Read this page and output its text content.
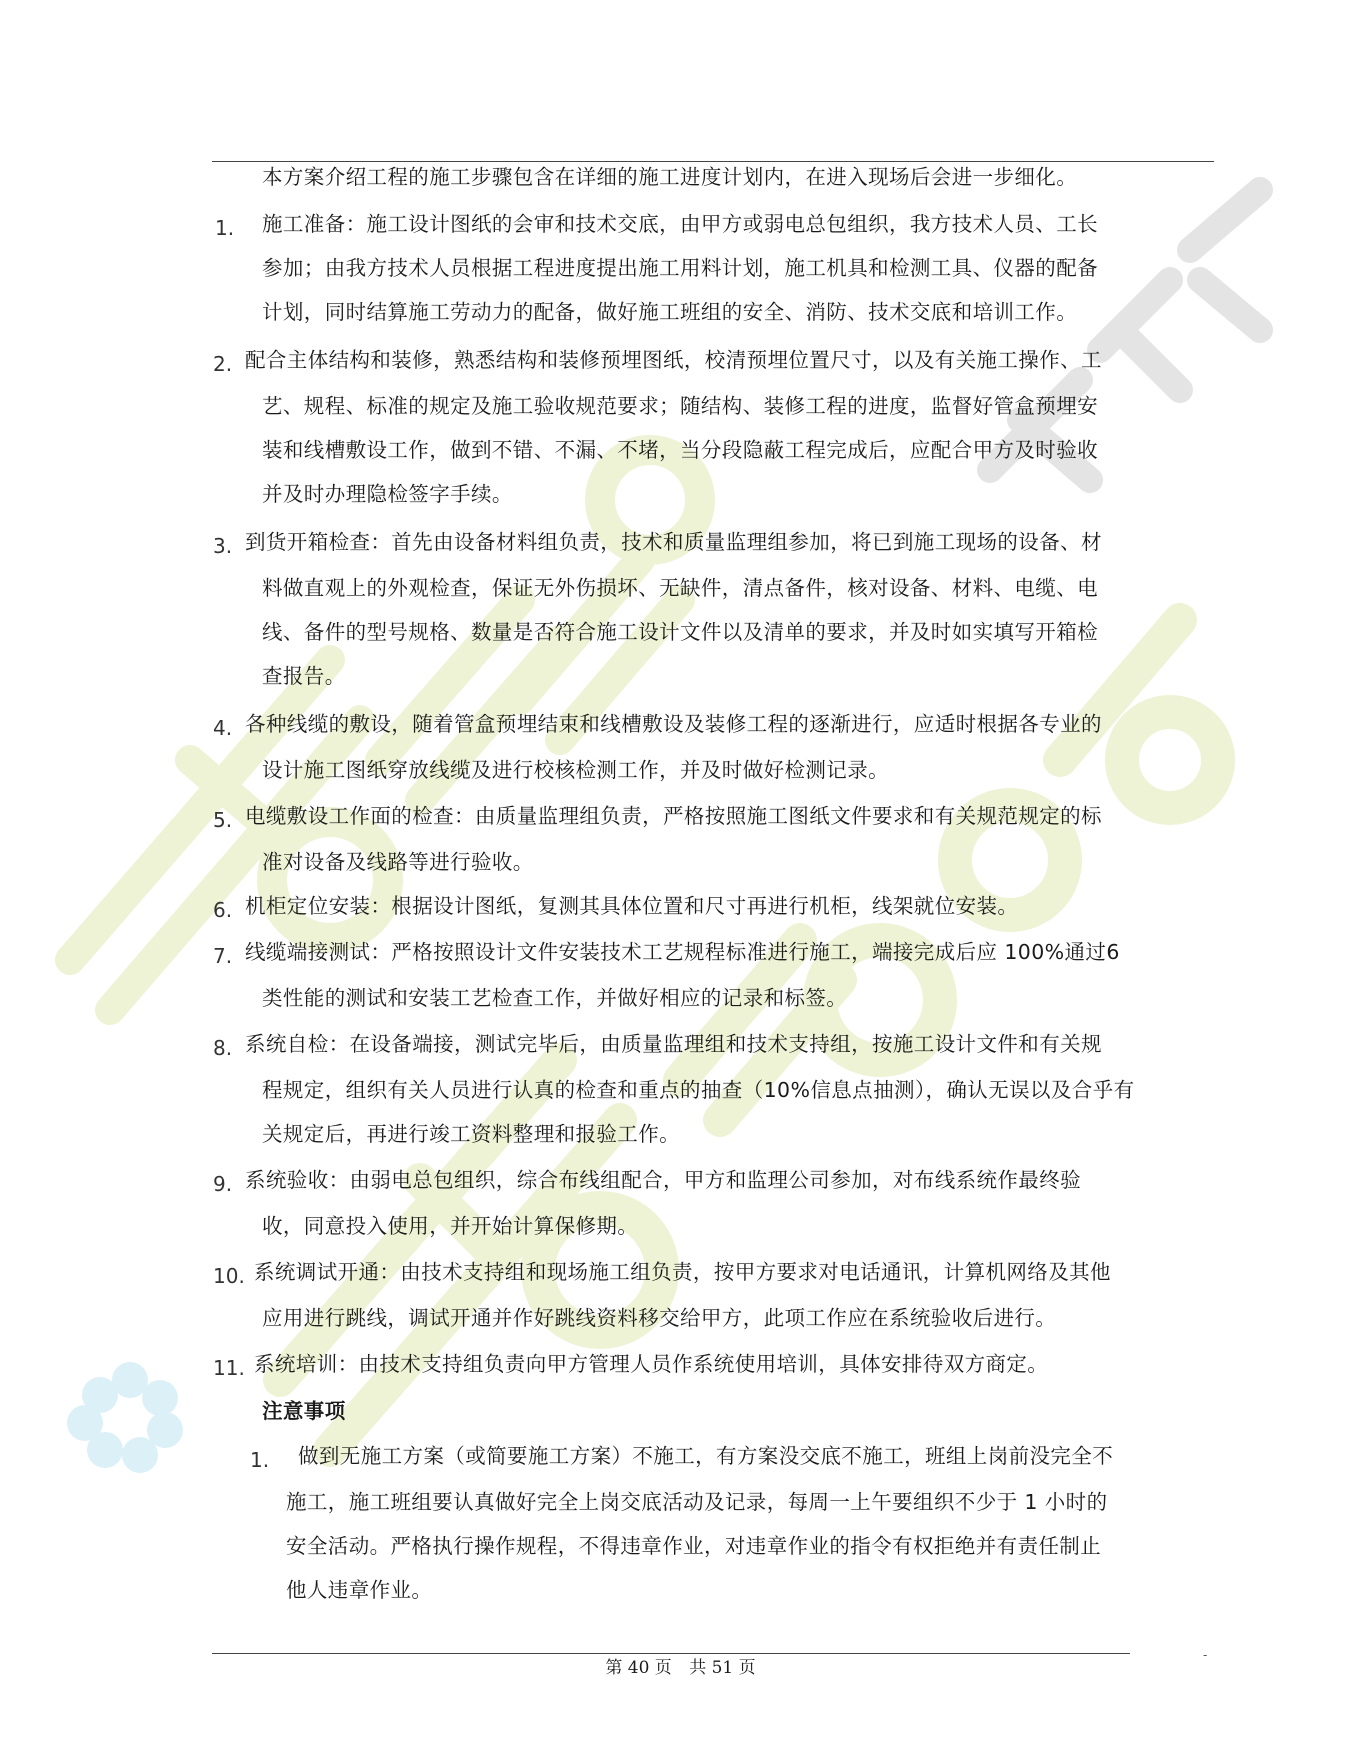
本方案介绍工程的施工步骤包含在详细的施工进度计划内，在进入现场后会进一步细化。
1. 施工准备：施工设计图纸的会审和技术交底，由甲方或弱电总包组织，我方技术人员、工长
参加；由我方技术人员根据工程进度提出施工用料计划，施工机具和检测工具、仪器的配备
计划，同时结算施工劳动力的配备，做好施工班组的安全、消防、技术交底和培训工作。
2. 配合主体结构和装修，熟悉结构和装修预埋图纸，校清预埋位置尺寸，以及有关施工操作、工
艺、规程、标准的规定及施工验收规范要求；随结构、装修工程的进度，监督好管盒预埋安
装和线槽敷设工作，做到不错、不漏、不堵，当分段隐蔽工程完成后，应配合甲方及时验收
并及时办理隐检签字手续。
3. 到货开箱检查：首先由设备材料组负责，技术和质量监理组参加，将已到施工现场的设备、材
料做直观上的外观检查，保证无外伤损坏、无缺件，清点备件，核对设备、材料、电缆、电
线、备件的型号规格、数量是否符合施工设计文件以及清单的要求，并及时如实填写开箱检
查报告。
4. 各种线缆的敷设，随着管盒预埋结束和线槽敷设及装修工程的逐渐进行，应适时根据各专业的
设计施工图纸穿放线缆及进行校核检测工作，并及时做好检测记录。
5. 电缆敷设工作面的检查：由质量监理组负责，严格按照施工图纸文件要求和有关规范规定的标
准对设备及线路等进行验收。
6. 机柜定位安装：根据设计图纸，复测其具体位置和尺寸再进行机柜，线架就位安装。
7. 线缆端接测试：严格按照设计文件安装技术工艺规程标准进行施工，端接完成后应 100%通过6
类性能的测试和安装工艺检查工作，并做好相应的记录和标签。
8. 系统自检：在设备端接，测试完毕后，由质量监理组和技术支持组，按施工设计文件和有关规
程规定，组织有关人员进行认真的检查和重点的抽查（10%信息点抽测），确认无误以及合乎有
关规定后，再进行竣工资料整理和报验工作。
9. 系统验收：由弱电总包组织，综合布线组配合，甲方和监理公司参加，对布线系统作最终验
收，同意投入使用，并开始计算保修期。
10. 系统调试开通：由技术支持组和现场施工组负责，按甲方要求对电话通讯，计算机网络及其他
应用进行跳线，调试开通并作好跳线资料移交给甲方，此项工作应在系统验收后进行。
11. 系统培训：由技术支持组负责向甲方管理人员作系统使用培训，具体安排待双方商定。
注意事项
1. 做到无施工方案（或简要施工方案）不施工，有方案没交底不施工，班组上岗前没完全不
施工，施工班组要认真做好完全上岗交底活动及记录，每周一上午要组织不少于 1 小时的
安全活动。严格执行操作规程，不得违章作业，对违章作业的指令有权拒绝并有责任制止
他人违章作业。
-
第 40 页 共 51 页
